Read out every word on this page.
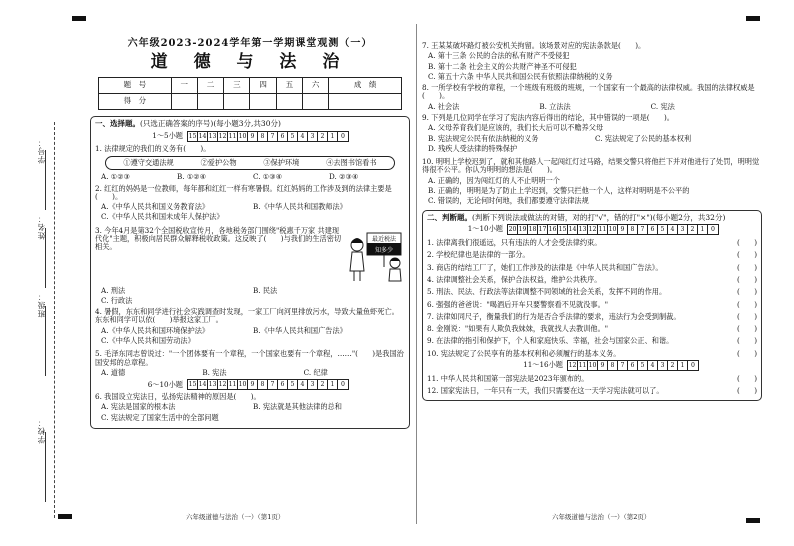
学号：
姓名：
班级：
学校：
六年级2023-2024学年第一学期课堂观测（一）
道 德 与 法 治
题　号	一	二	三	四	五	六	成　绩
得　分							
一、选择题。(只选正确答案的序号)(每小题3分,共30分)
1～5小题 15 14 13 12 11 10 9 8 7 6 5 4 3 2 1	0
1. 法律规定的我们的义务有(　　)。
①遵守交通法规	②爱护公物	③保护环境	④去图书馆看书
A. ①②③	B. ①②④	C. ①③④	D. ②③④
2. 红红的妈妈是一位教师，每年都和红红一样有寒暑假。红红妈妈的工作涉及到的法律主要是(　　)。
A.《中华人民共和国义务教育法》	B.《中华人民共和国教师法》
C.《中华人民共和国未成年人保护法》
最近税法
知多少
3. 今年4月是第32个全国税收宣传月，各地税务部门围绕"税惠千万家 共建现代化"主题，积极向居民群众解释税收政策。这反映了(　　)与我们的生活密切相关。
A. 刑法	B. 民法
C. 行政法
4. 暑假，东东和同学进行社会实践调查时发现，一家工厂向河里排放污水，导致大量鱼虾死亡。东东和同学可以依(　　)举报这家工厂。
A.《中华人民共和国环境保护法》	B.《中华人民共和国广告法》
C.《中华人民共和国劳动法》
5. 毛泽东同志曾说过："一个团体要有一个章程，一个国家也要有一个章程，……"(　　)是我国治国安邦的总章程。
A. 道德	B. 宪法	C. 纪律
6～10小题 15 14 13 12 11 10 9 8 7 6 5 4 3 2 1	0
6. 我国设立宪法日，弘扬宪法精神的原因是(　　)。
A. 宪法是国家的根本法	B. 宪法就是其他法律的总和
C. 宪法规定了国家生活中的全部问题
六年级道德与法治（一）（第1页）
7. 王某某破坏路灯被公安机关拘留。该场景对应的宪法条款是(　　)。
A. 第十三条 公民的合法的私有财产不受侵犯
B. 第十二条 社会主义的公共财产神圣不可侵犯
C. 第五十六条 中华人民共和国公民有依照法律纳税的义务
8. 一所学校有学校的章程，一个班级有班级的班规，一个国家有一个最高的法律权威。我国的法律权威是(　　)。
A. 社会法	B. 立法法	C. 宪法
9. 下列是几位同学在学习了宪法内容后得出的结论，其中错误的一项是(　　)。
A. 父母养育我们是应该的，我们长大后可以不赡养父母
B. 宪法规定公民有依法纳税的义务	C. 宪法规定了公民的基本权利
D. 残疾人受法律的特殊保护
10. 明明上学校迟到了，就和其他路人一起闯红灯过马路，结果交警只将他拦下并对他进行了处罚，明明觉得很不公平。你认为明明的想法是(　　)。
A. 正确的，因为闯红灯的人不止明明一个
B. 正确的，明明是为了防止上学迟到，交警只拦他一个人，这样对明明是不公平的
C. 错误的，无论何时何地，我们都要遵守法律法规
二、判断题。(判断下列说法或做法的对错，对的打"√"，错的打"×")(每小题2分，共32分)
1～10小题 20 19 18 17 16 15 14 13 12 11 10 9 8 7 6 5 4 3 2 1	0
1. 法律离我们很遥远，只有违法的人才会受法律约束。	(　　)
2. 学校纪律也是法律的一部分。	(　　)
3. 商店的结结工厂了，她们工作涉及的法律是《中华人民共和国广告法》。	(　　)
4. 法律调整社会关系，保护合法权益，维护公共秩序。	(　　)
5. 刑法、民法、行政法等法律调整不同领域的社会关系，发挥不同的作用。	(　　)
6. 强强的爸爸说："喝酒后开车只要警察看不见就没事。"	(　　)
7. 法律如同尺子，衡量我们的行为是否合乎法律的要求，违法行为会受到制裁。	(　　)
8. 金刚说："如果有人欺负我妹妹，我就找人去教训他。"	(　　)
9. 在法律的指引和保护下，个人和家庭快乐、幸福，社会与国家公正、和谐。	(　　)
10. 宪法规定了公民享有的基本权利和必须履行的基本义务。	(　　)
11～16小题 12 11 10 9 8 7 6 5 4 3 2 1	0
11. 中华人民共和国第一部宪法是2023年颁布的。	(　　)
12. 国家宪法日，一年只有一天，我们只需要在这一天学习宪法就可以了。	(　　)
六年级道德与法治（一）（第2页）
